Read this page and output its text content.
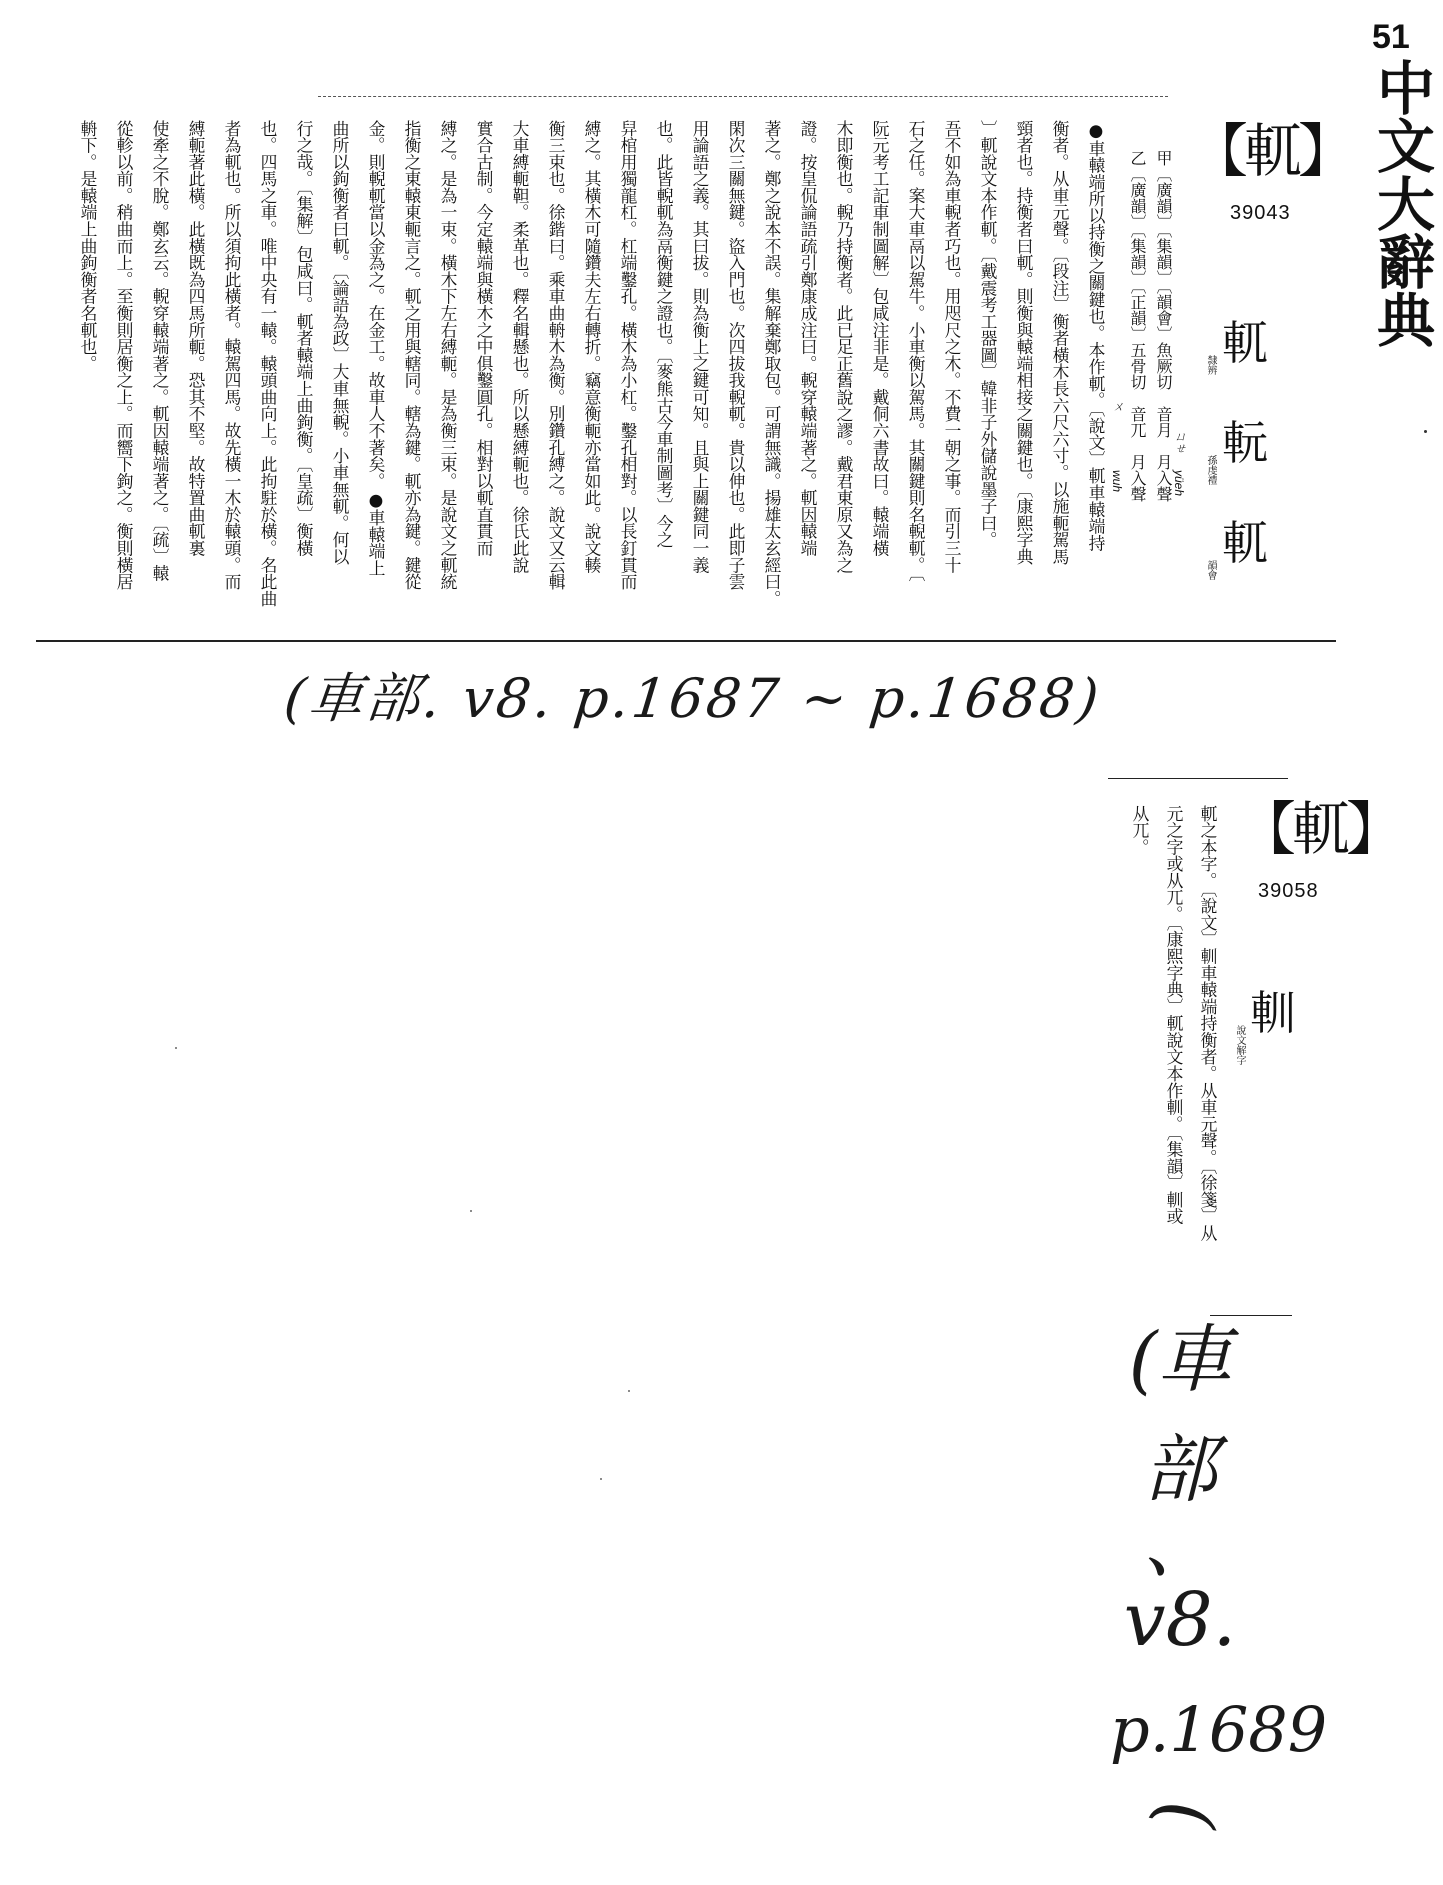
51
中文大辭典
【軏】
39043
軏
隸辨
䡇
孫虔禮
軏
韻會
甲〔廣韻〕〔集韻〕〔韻會〕魚厥切　音月　月入聲
乙〔廣韻〕〔集韻〕〔正韻〕五骨切　音兀　月入聲 ㄩㄝ
yüeh
ㄨ
wuh
●車轅端所以持衡之關鍵也。本作軏。〔說文〕軏車轅端持
衡者。从車元聲。〔段注〕衡者橫木長六尺六寸。以施軛駕馬
頸者也。持衡者曰軏。則衡與轅端相接之關鍵也。〔康熙字典
〕軏說文本作軏。〔戴震考工器圖〕韓非子外儲說墨子曰。
吾不如為車輗者巧也。用咫尺之木。不費一朝之事。而引三十
石之任。案大車鬲以駕牛。小車衡以駕馬。其關鍵則名輗軏。〔
阮元考工記車制圖解〕包咸注非是。戴侗六書故曰。轅端橫
木即衡也。輗乃持衡者。此已足正舊說之謬。戴君東原又為之
證。按皇侃論語疏引鄭康成注曰。輗穿轅端著之。軏因轅端
著之。鄭之說本不誤。集解棄鄭取包。可謂無識。揚雄太玄經曰。
閑次三關無鍵。盜入門也。次四拔我輗軏。貴以伸也。此即子雲
用論語之義。其曰拔。則為衡上之鍵可知。且與上關鍵同一義
也。此皆輗軏為鬲衡鍵之證也。〔麥熊古今車制圖考〕今之
舁棺用獨龍杠。杠端鑿孔。橫木為小杠。鑿孔相對。以長釘貫而
縛之。其橫木可隨鑽夫左右轉折。竊意衡軛亦當如此。說文輳
衡三束也。徐鍇曰。乘車曲輈木為衡。別鑽孔縛之。說文又云輯
大車縛軛靼。柔革也。釋名輯懸也。所以懸縛軛也。徐氏此說
實合古制。今定轅端與橫木之中俱鑿圓孔。相對以軏直貫而
縛之。是為一束。橫木下左右縛軛。是為衡三束。是說文之軏統
指衡之東轅東軛言之。軏之用與轄同。轄為鍵。軏亦為鍵。鍵從
金。則輗軏當以金為之。在金工。故車人不著矣。●車轅端上
曲所以鉤衡者曰軏。〔論語為政〕大車無輗。小車無軏。何以
行之哉。〔集解〕包咸曰。軏者轅端上曲鉤衡。〔皇疏〕衡橫
也。四馬之車。唯中央有一轅。轅頭曲向上。此拘駐於橫。名此曲
者為軏也。所以須拘此橫者。轅駕四馬。故先橫一木於轅頭。而
縛軛著此橫。此橫既為四馬所軛。恐其不堅。故特置曲軏裏
使牽之不脫。鄭玄云。輗穿轅端著之。軏因轅端著之。〔疏〕轅
從軫以前。稍曲而上。至衡則居衡之上。而嚮下鉤之。衡則橫居
輈下。是轅端上曲鉤衡者名軏也。
(車部. v8. p.1687 ~ p.1688)
【軏】
39058
䡅
說文解字
軏之本字。〔說文〕䡅車轅端持衡者。从車元聲。〔徐箋〕从
元之字或从兀。〔康熙字典〕軏說文本作䡅。〔集韻〕䡅或
从兀。
(車
部
、
v8.
p.1689
)
